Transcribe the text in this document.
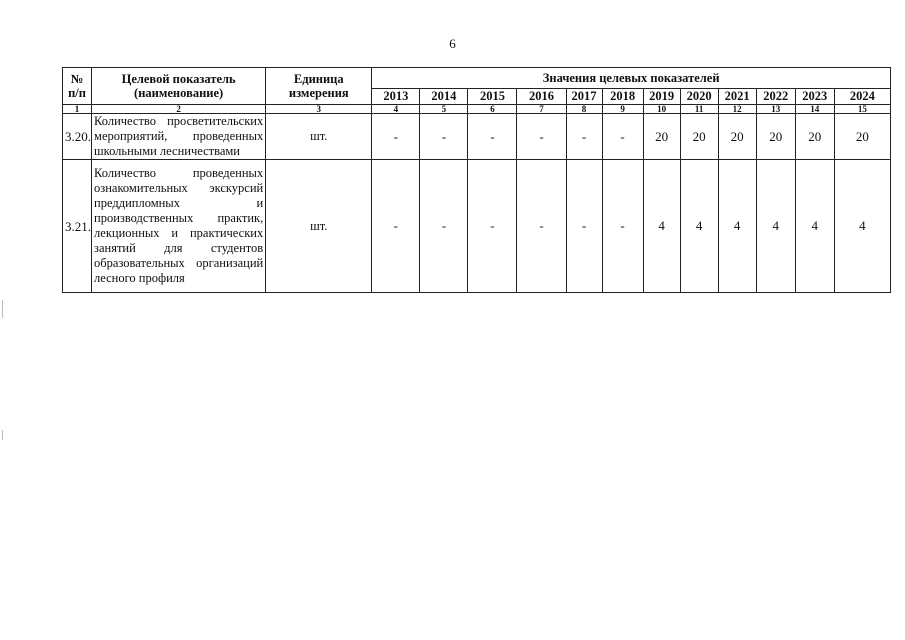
6
№ п/п	Целевой показатель (наименование)	Единица измерения	Значения целевых показателей											
			2013	2014	2015	2016	2017	2018	2019	2020	2021	2022	2023	2024
1	2	3	4	5	6	7	8	9	10	11	12	13	14	15
3.20.	Количество просветительских мероприятий, проведенных школьными лесничествами	шт.	-	-	-	-	-	-	20	20	20	20	20	20
3.21.	Количество проведенных ознакомительных экскурсий преддипломных и производственных практик, лекционных и практических занятий для студентов образовательных организаций лесного профиля	шт.	-	-	-	-	-	-	4	4	4	4	4	4
